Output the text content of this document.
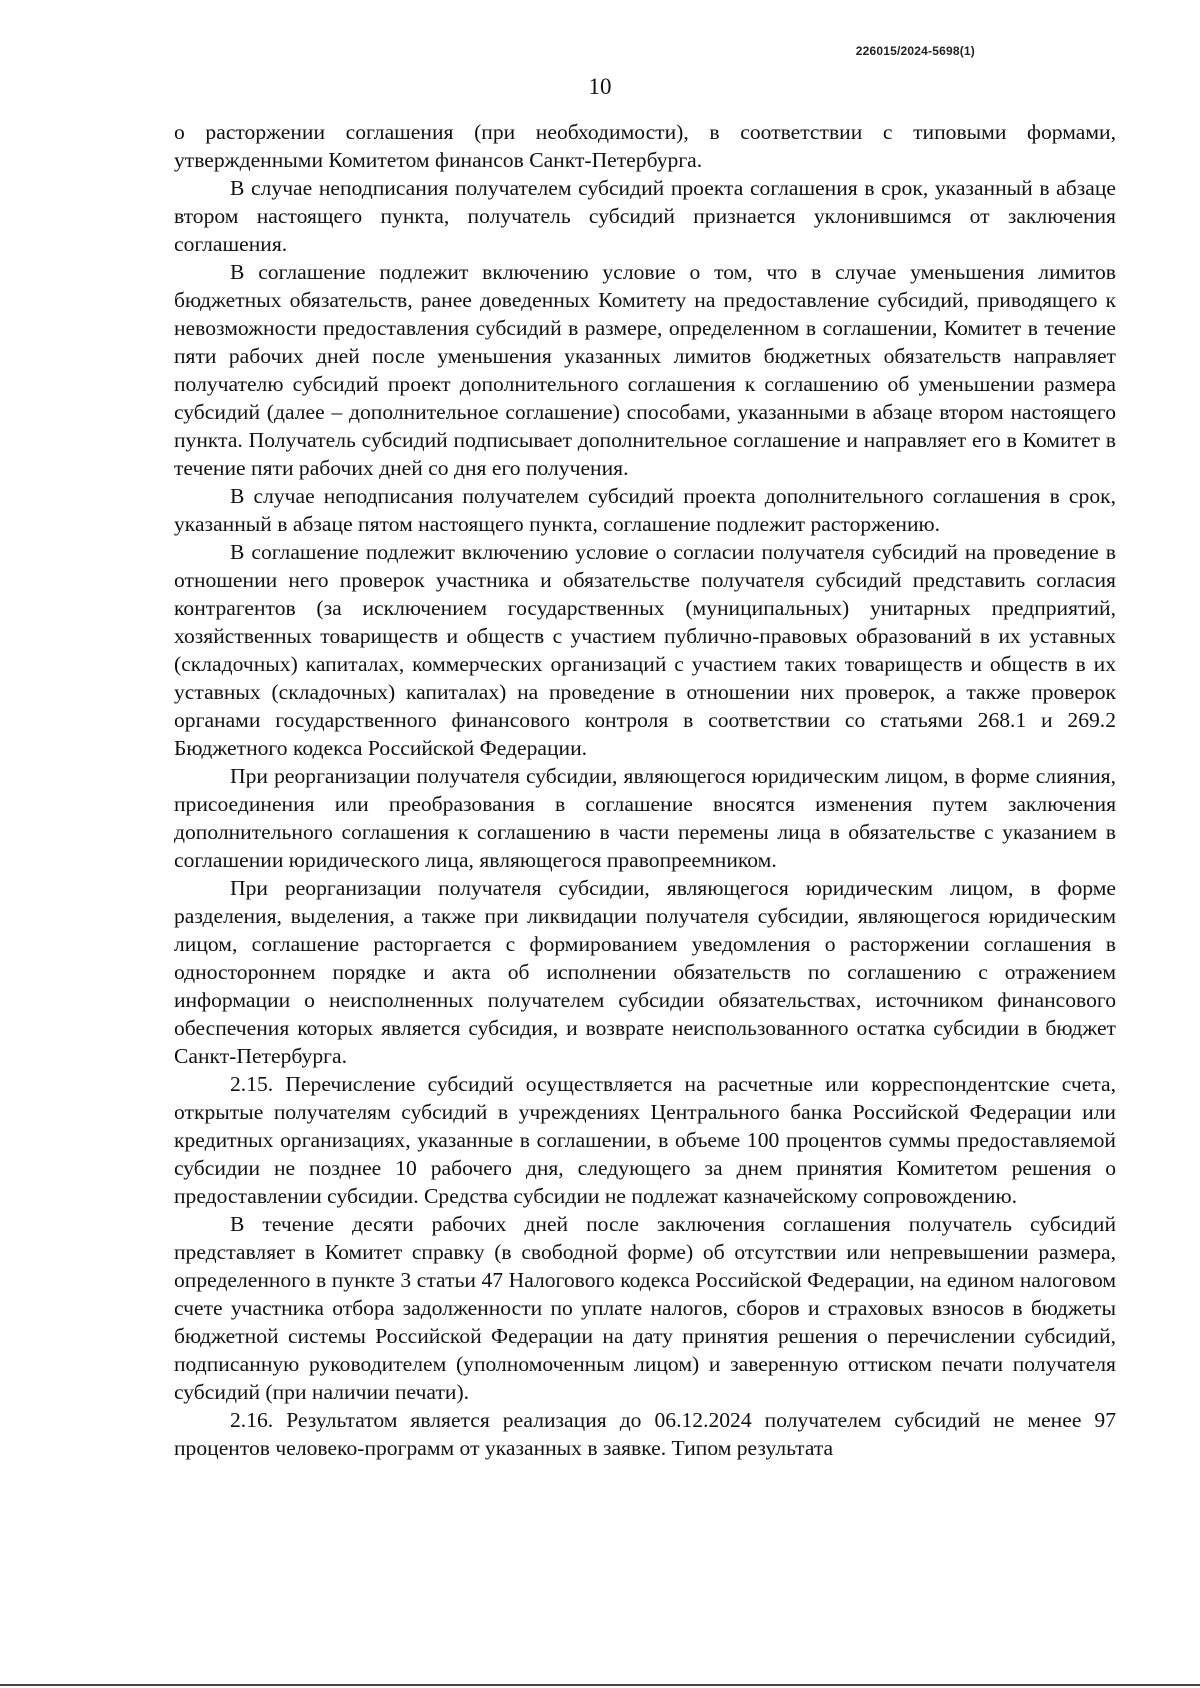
226015/2024-5698(1)
10

о расторжении соглашения (при необходимости), в соответствии с типовыми формами, утвержденными Комитетом финансов Санкт-Петербурга.

В случае неподписания получателем субсидий проекта соглашения в срок, указанный в абзаце втором настоящего пункта, получатель субсидий признается уклонившимся от заключения соглашения.

В соглашение подлежит включению условие о том, что в случае уменьшения лимитов бюджетных обязательств, ранее доведенных Комитету на предоставление субсидий, приводящего к невозможности предоставления субсидий в размере, определенном в соглашении, Комитет в течение пяти рабочих дней после уменьшения указанных лимитов бюджетных обязательств направляет получателю субсидий проект дополнительного соглашения к соглашению об уменьшении размера субсидий (далее – дополнительное соглашение) способами, указанными в абзаце втором настоящего пункта. Получатель субсидий подписывает дополнительное соглашение и направляет его в Комитет в течение пяти рабочих дней со дня его получения.

В случае неподписания получателем субсидий проекта дополнительного соглашения в срок, указанный в абзаце пятом настоящего пункта, соглашение подлежит расторжению.

В соглашение подлежит включению условие о согласии получателя субсидий на проведение в отношении него проверок участника и обязательстве получателя субсидий представить согласия контрагентов (за исключением государственных (муниципальных) унитарных предприятий, хозяйственных товариществ и обществ с участием публично-правовых образований в их уставных (складочных) капиталах, коммерческих организаций с участием таких товариществ и обществ в их уставных (складочных) капиталах) на проведение в отношении них проверок, а также проверок органами государственного финансового контроля в соответствии со статьями 268.1 и 269.2 Бюджетного кодекса Российской Федерации.

При реорганизации получателя субсидии, являющегося юридическим лицом, в форме слияния, присоединения или преобразования в соглашение вносятся изменения путем заключения дополнительного соглашения к соглашению в части перемены лица в обязательстве с указанием в соглашении юридического лица, являющегося правопреемником.

При реорганизации получателя субсидии, являющегося юридическим лицом, в форме разделения, выделения, а также при ликвидации получателя субсидии, являющегося юридическим лицом, соглашение расторгается с формированием уведомления о расторжении соглашения в одностороннем порядке и акта об исполнении обязательств по соглашению с отражением информации о неисполненных получателем субсидии обязательствах, источником финансового обеспечения которых является субсидия, и возврате неиспользованного остатка субсидии в бюджет Санкт-Петербурга.

2.15. Перечисление субсидий осуществляется на расчетные или корреспондентские счета, открытые получателям субсидий в учреждениях Центрального банка Российской Федерации или кредитных организациях, указанные в соглашении, в объеме 100 процентов суммы предоставляемой субсидии не позднее 10 рабочего дня, следующего за днем принятия Комитетом решения о предоставлении субсидии. Средства субсидии не подлежат казначейскому сопровождению.

В течение десяти рабочих дней после заключения соглашения получатель субсидий представляет в Комитет справку (в свободной форме) об отсутствии или непревышении размера, определенного в пункте 3 статьи 47 Налогового кодекса Российской Федерации, на едином налоговом счете участника отбора задолженности по уплате налогов, сборов и страховых взносов в бюджеты бюджетной системы Российской Федерации на дату принятия решения о перечислении субсидий, подписанную руководителем (уполномоченным лицом) и заверенную оттиском печати получателя субсидий (при наличии печати).

2.16. Результатом является реализация до 06.12.2024 получателем субсидий не менее 97 процентов человеко-программ от указанных в заявке. Типом результата
